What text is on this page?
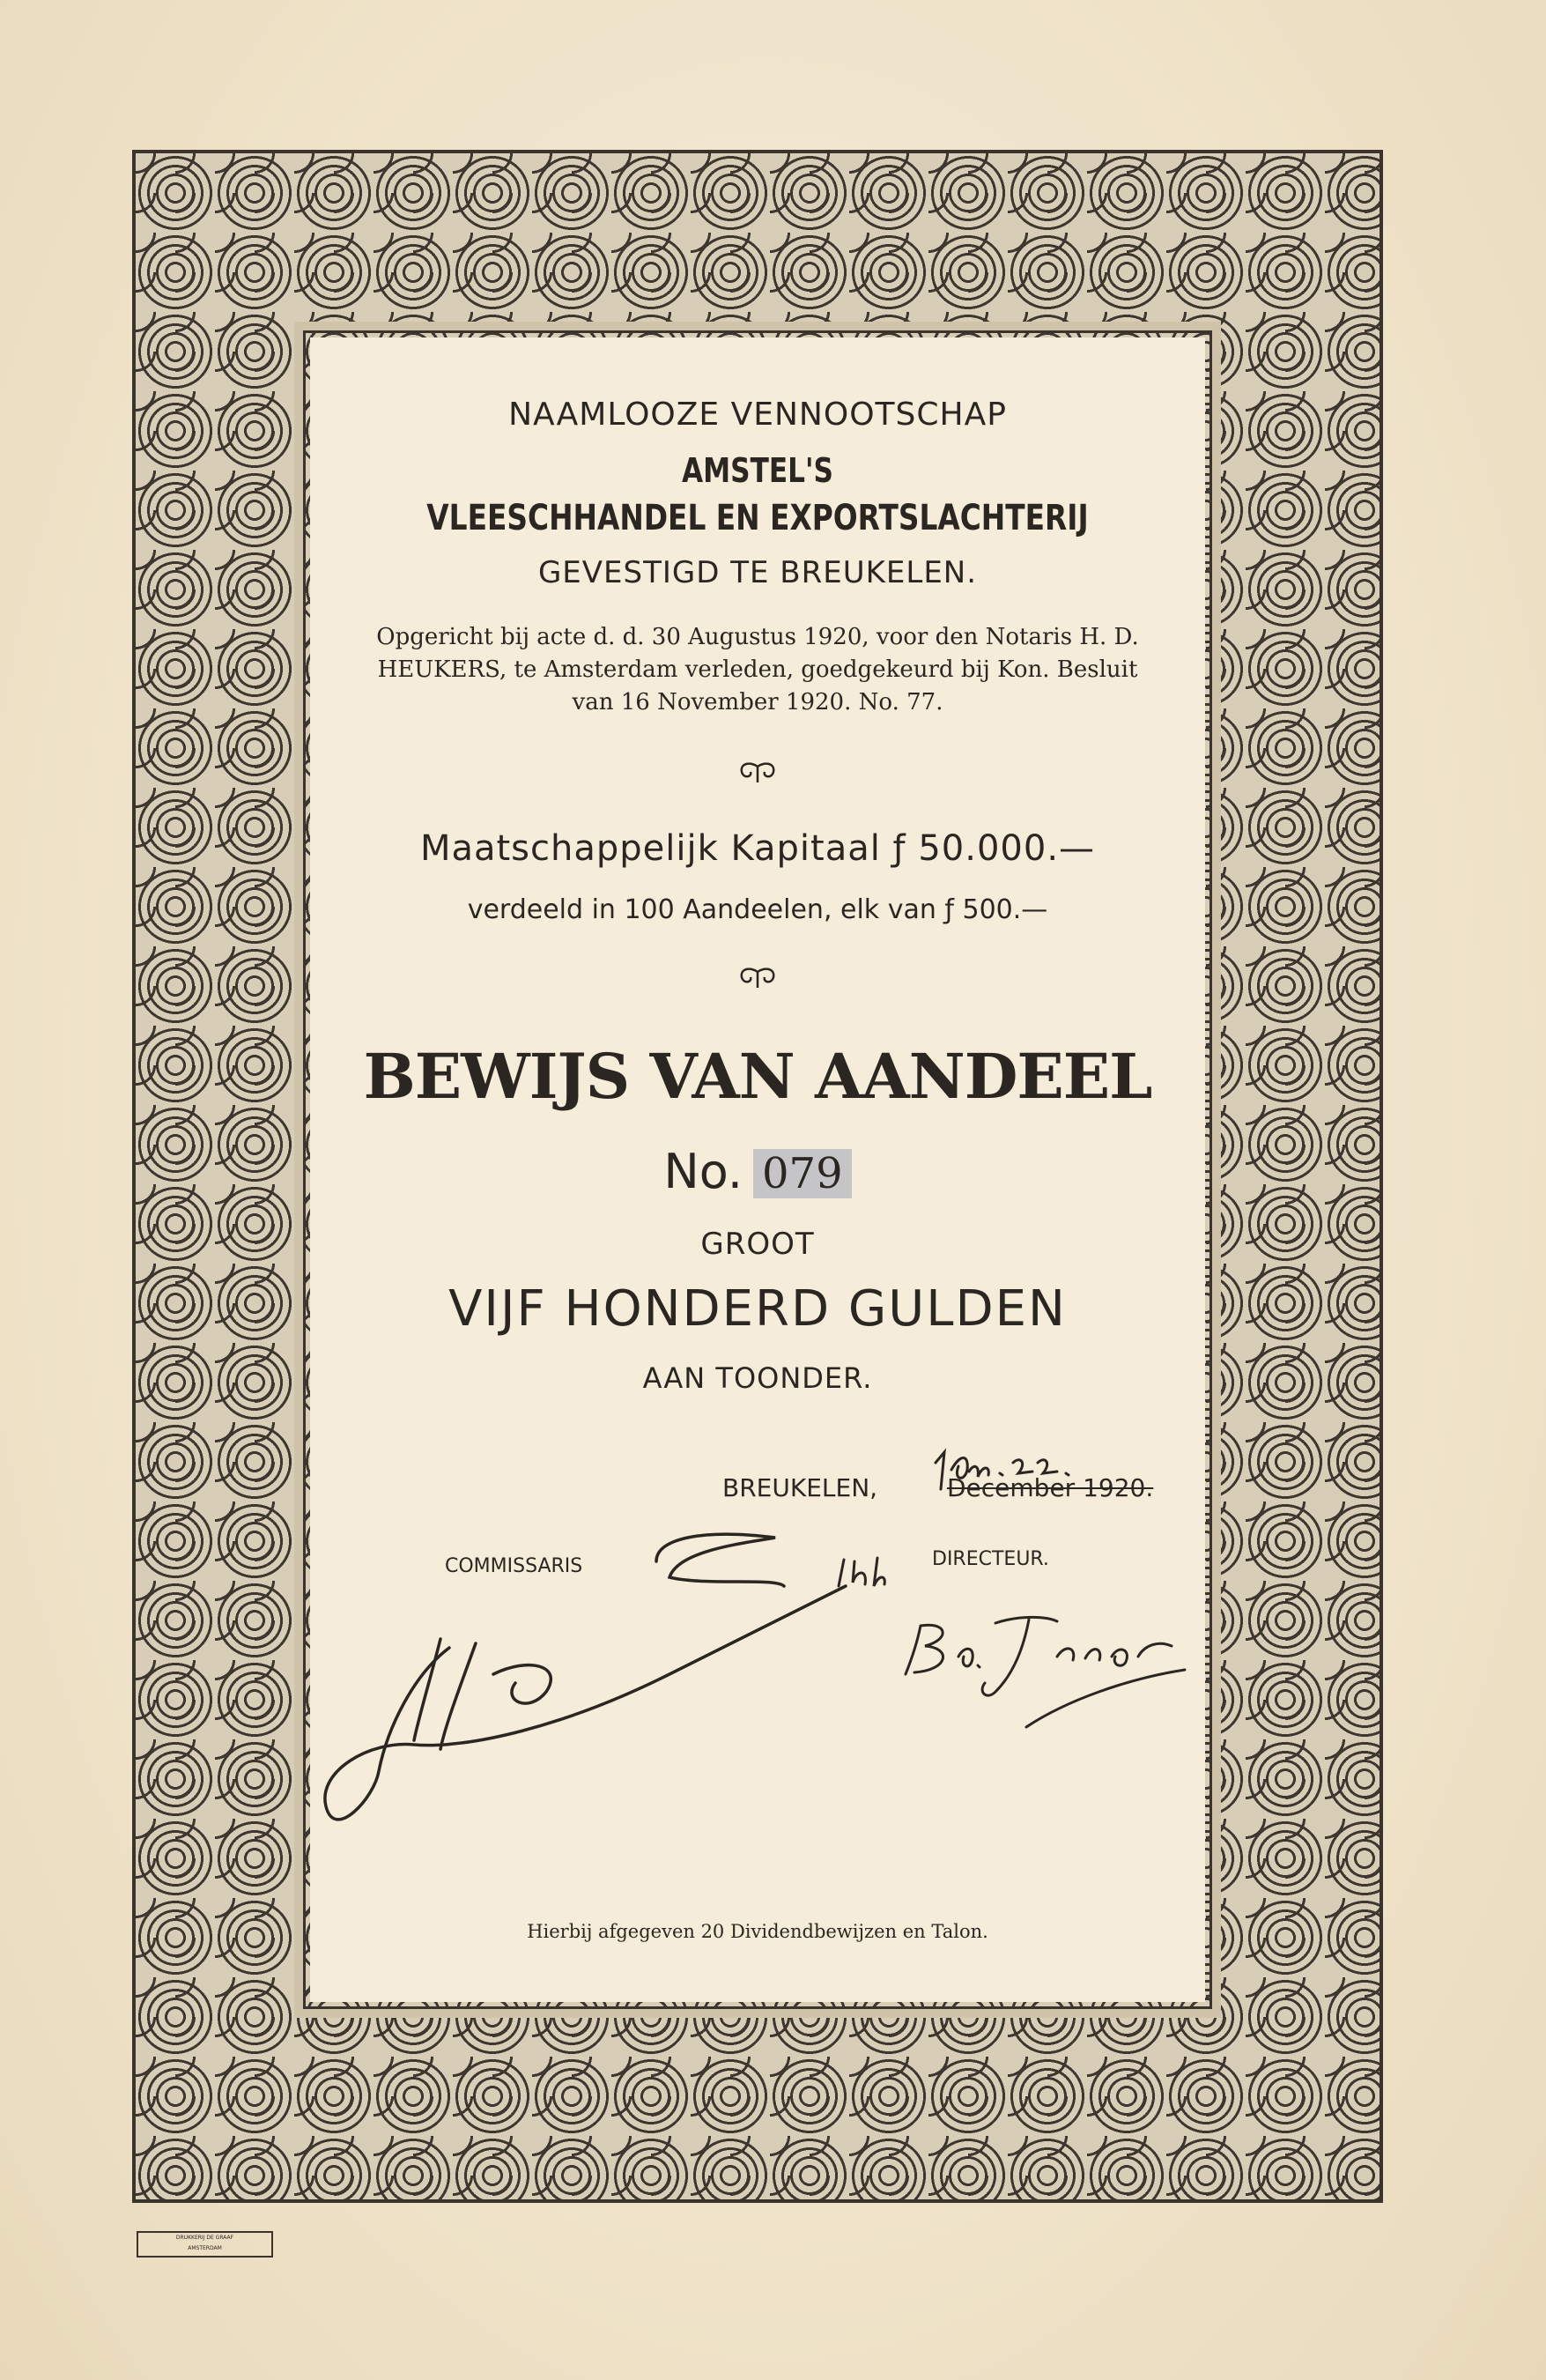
NAAMLOOZE VENNOOTSCHAP

AMSTEL'S

VLEESCHHANDEL EN EXPORTSLACHTERIJ

GEVESTIGD TE BREUKELEN.

Opgericht bij acte d. d. 30 Augustus 1920, voor den Notaris H. D. HEUKERS, te Amsterdam verleden, goedgekeurd bij Kon. Besluit van 16 November 1920. No. 77.

Maatschappelijk Kapitaal ƒ 50.000.—

verdeeld in 100 Aandeelen, elk van ƒ 500.—

BEWIJS VAN AANDEEL

No. 079

GROOT

VIJF HONDERD GULDEN

AAN TOONDER.

BREUKELEN,	December 1920.
COMMISSARIS	DIRECTEUR.

Hierbij afgegeven 20 Dividendbewijzen en Talon.

DRUKKERIJ DE GRAAF
AMSTERDAM
